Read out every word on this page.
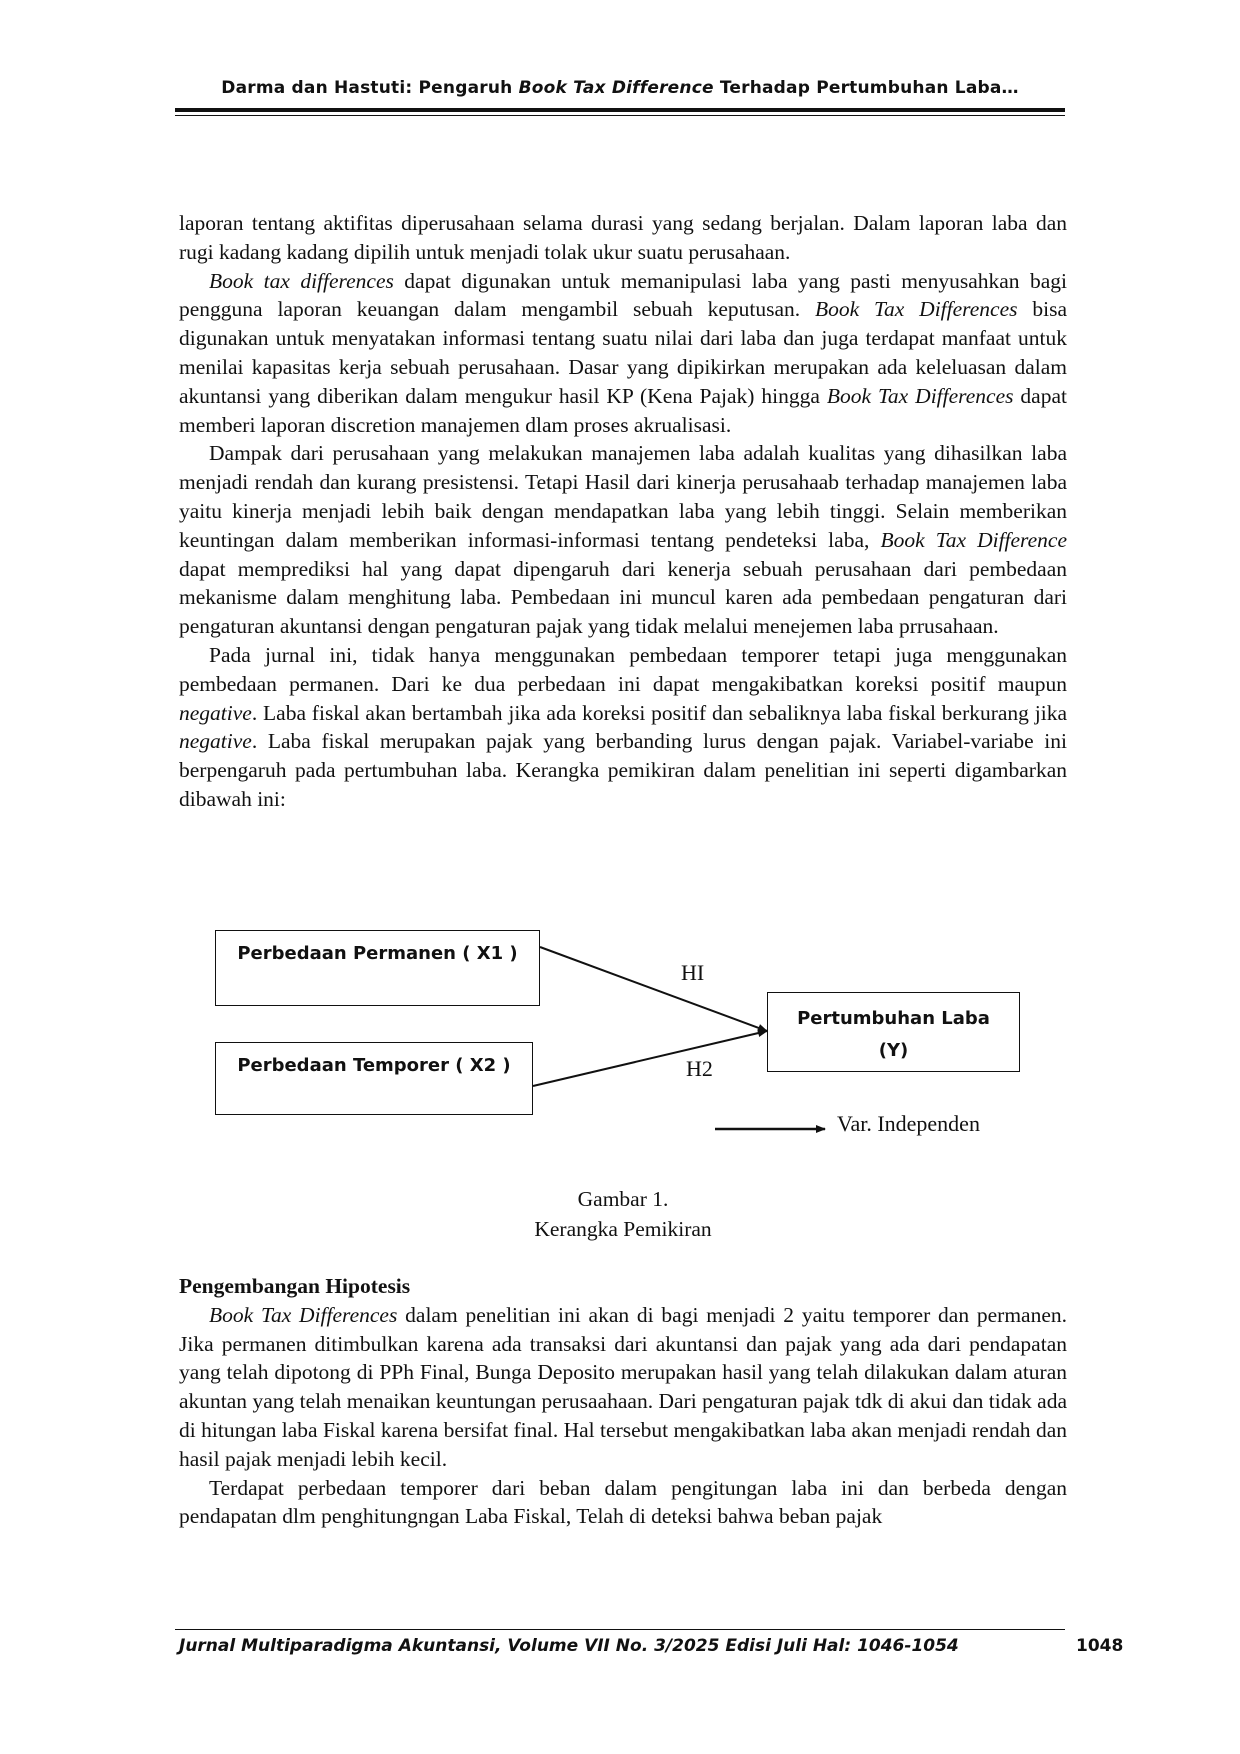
Darma dan Hastuti: Pengaruh Book Tax Difference Terhadap Pertumbuhan Laba…

laporan tentang aktifitas diperusahaan selama durasi yang sedang berjalan. Dalam laporan laba dan rugi kadang kadang dipilih untuk menjadi tolak ukur suatu perusahaan.

Book tax differences dapat digunakan untuk memanipulasi laba yang pasti menyusahkan bagi pengguna laporan keuangan dalam mengambil sebuah keputusan. Book Tax Differences bisa digunakan untuk menyatakan informasi tentang suatu nilai dari laba dan juga terdapat manfaat untuk menilai kapasitas kerja sebuah perusahaan. Dasar yang dipikirkan merupakan ada keleluasan dalam akuntansi yang diberikan dalam mengukur hasil KP (Kena Pajak) hingga Book Tax Differences dapat memberi laporan discretion manajemen dlam proses akrualisasi.

Dampak dari perusahaan yang melakukan manajemen laba adalah kualitas yang dihasilkan laba menjadi rendah dan kurang presistensi. Tetapi Hasil dari kinerja perusahaab terhadap manajemen laba yaitu kinerja menjadi lebih baik dengan mendapatkan laba yang lebih tinggi. Selain memberikan keuntingan dalam memberikan informasi-informasi tentang pendeteksi laba, Book Tax Difference dapat memprediksi hal yang dapat dipengaruh dari kenerja sebuah perusahaan dari pembedaan mekanisme dalam menghitung laba. Pembedaan ini muncul karen ada pembedaan pengaturan dari pengaturan akuntansi dengan pengaturan pajak yang tidak melalui menejemen laba prrusahaan.

Pada jurnal ini, tidak hanya menggunakan pembedaan temporer tetapi juga menggunakan pembedaan permanen. Dari ke dua perbedaan ini dapat mengakibatkan koreksi positif maupun negative. Laba fiskal akan bertambah jika ada koreksi positif dan sebaliknya laba fiskal berkurang jika negative. Laba fiskal merupakan pajak yang berbanding lurus dengan pajak. Variabel-variabe ini berpengaruh pada pertumbuhan laba. Kerangka pemikiran dalam penelitian ini seperti digambarkan dibawah ini:

Perbedaan Permanen ( X1 )
Perbedaan Temporer ( X2 )
Pertumbuhan Laba
(Y)
HI
H2
Var. Independen
Gambar 1.
Kerangka Pemikiran

Pengembangan Hipotesis

Book Tax Differences dalam penelitian ini akan di bagi menjadi 2 yaitu temporer dan permanen. Jika permanen ditimbulkan karena ada transaksi dari akuntansi dan pajak yang ada dari pendapatan yang telah dipotong di PPh Final, Bunga Deposito merupakan hasil yang telah dilakukan dalam aturan akuntan yang telah menaikan keuntungan perusaahaan. Dari pengaturan pajak tdk di akui dan tidak ada di hitungan laba Fiskal karena bersifat final. Hal tersebut mengakibatkan laba akan menjadi rendah dan hasil pajak menjadi lebih kecil.

Terdapat perbedaan temporer dari beban dalam pengitungan laba ini dan berbeda dengan pendapatan dlm penghitungngan Laba Fiskal, Telah di deteksi bahwa beban pajak

Jurnal Multiparadigma Akuntansi, Volume VII No. 3/2025 Edisi Juli Hal: 1046-1054	1048
